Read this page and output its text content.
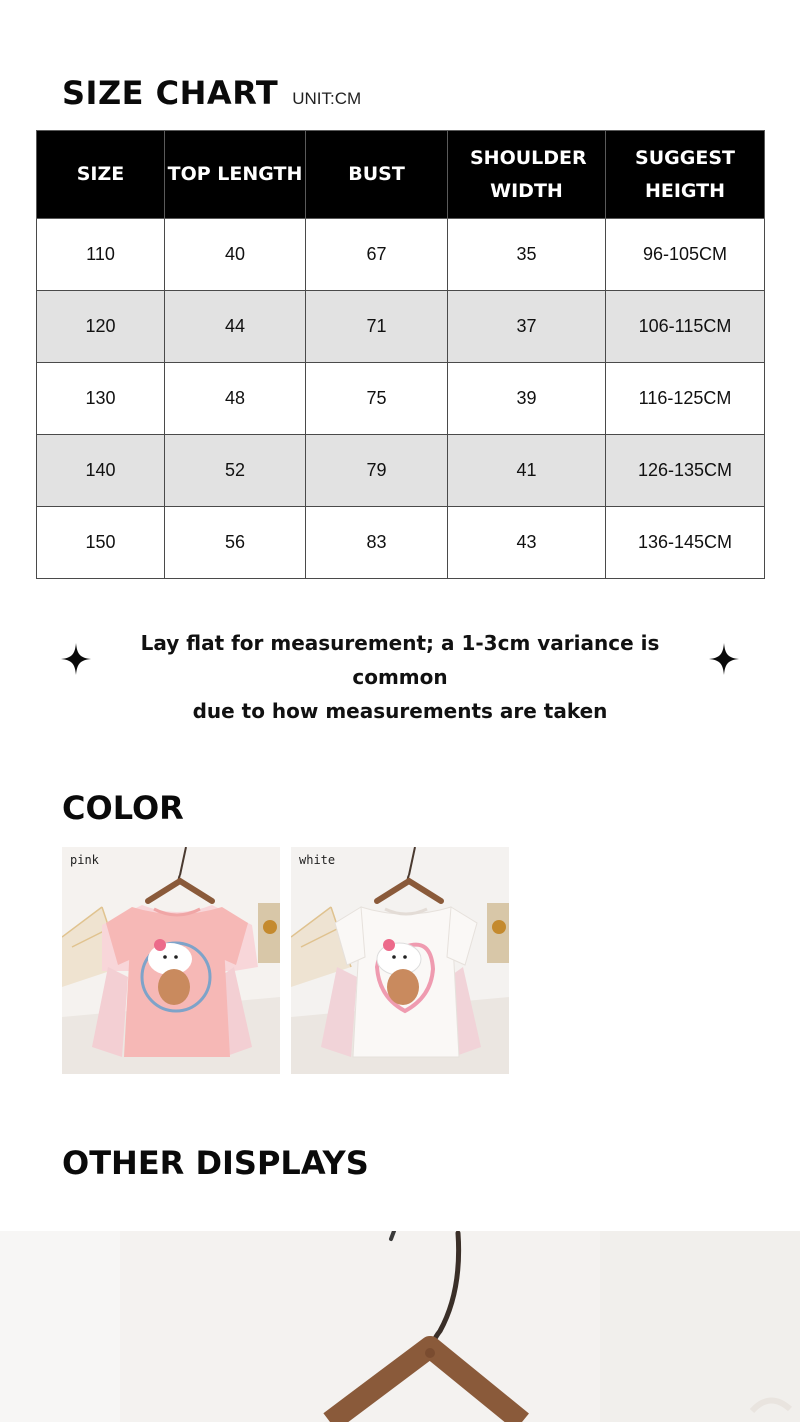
SIZE CHART UNIT:CM
SIZE	TOP LENGTH	BUST	SHOULDER WIDTH	SUGGEST HEIGTH
110	40	67	35	96-105CM
120	44	71	37	106-115CM
130	48	75	39	116-125CM
140	52	79	41	126-135CM
150	56	83	43	136-145CM
Lay flat for measurement; a 1-3cm variance is common
due to how measurements are taken
COLOR
pink	white
OTHER DISPLAYS
